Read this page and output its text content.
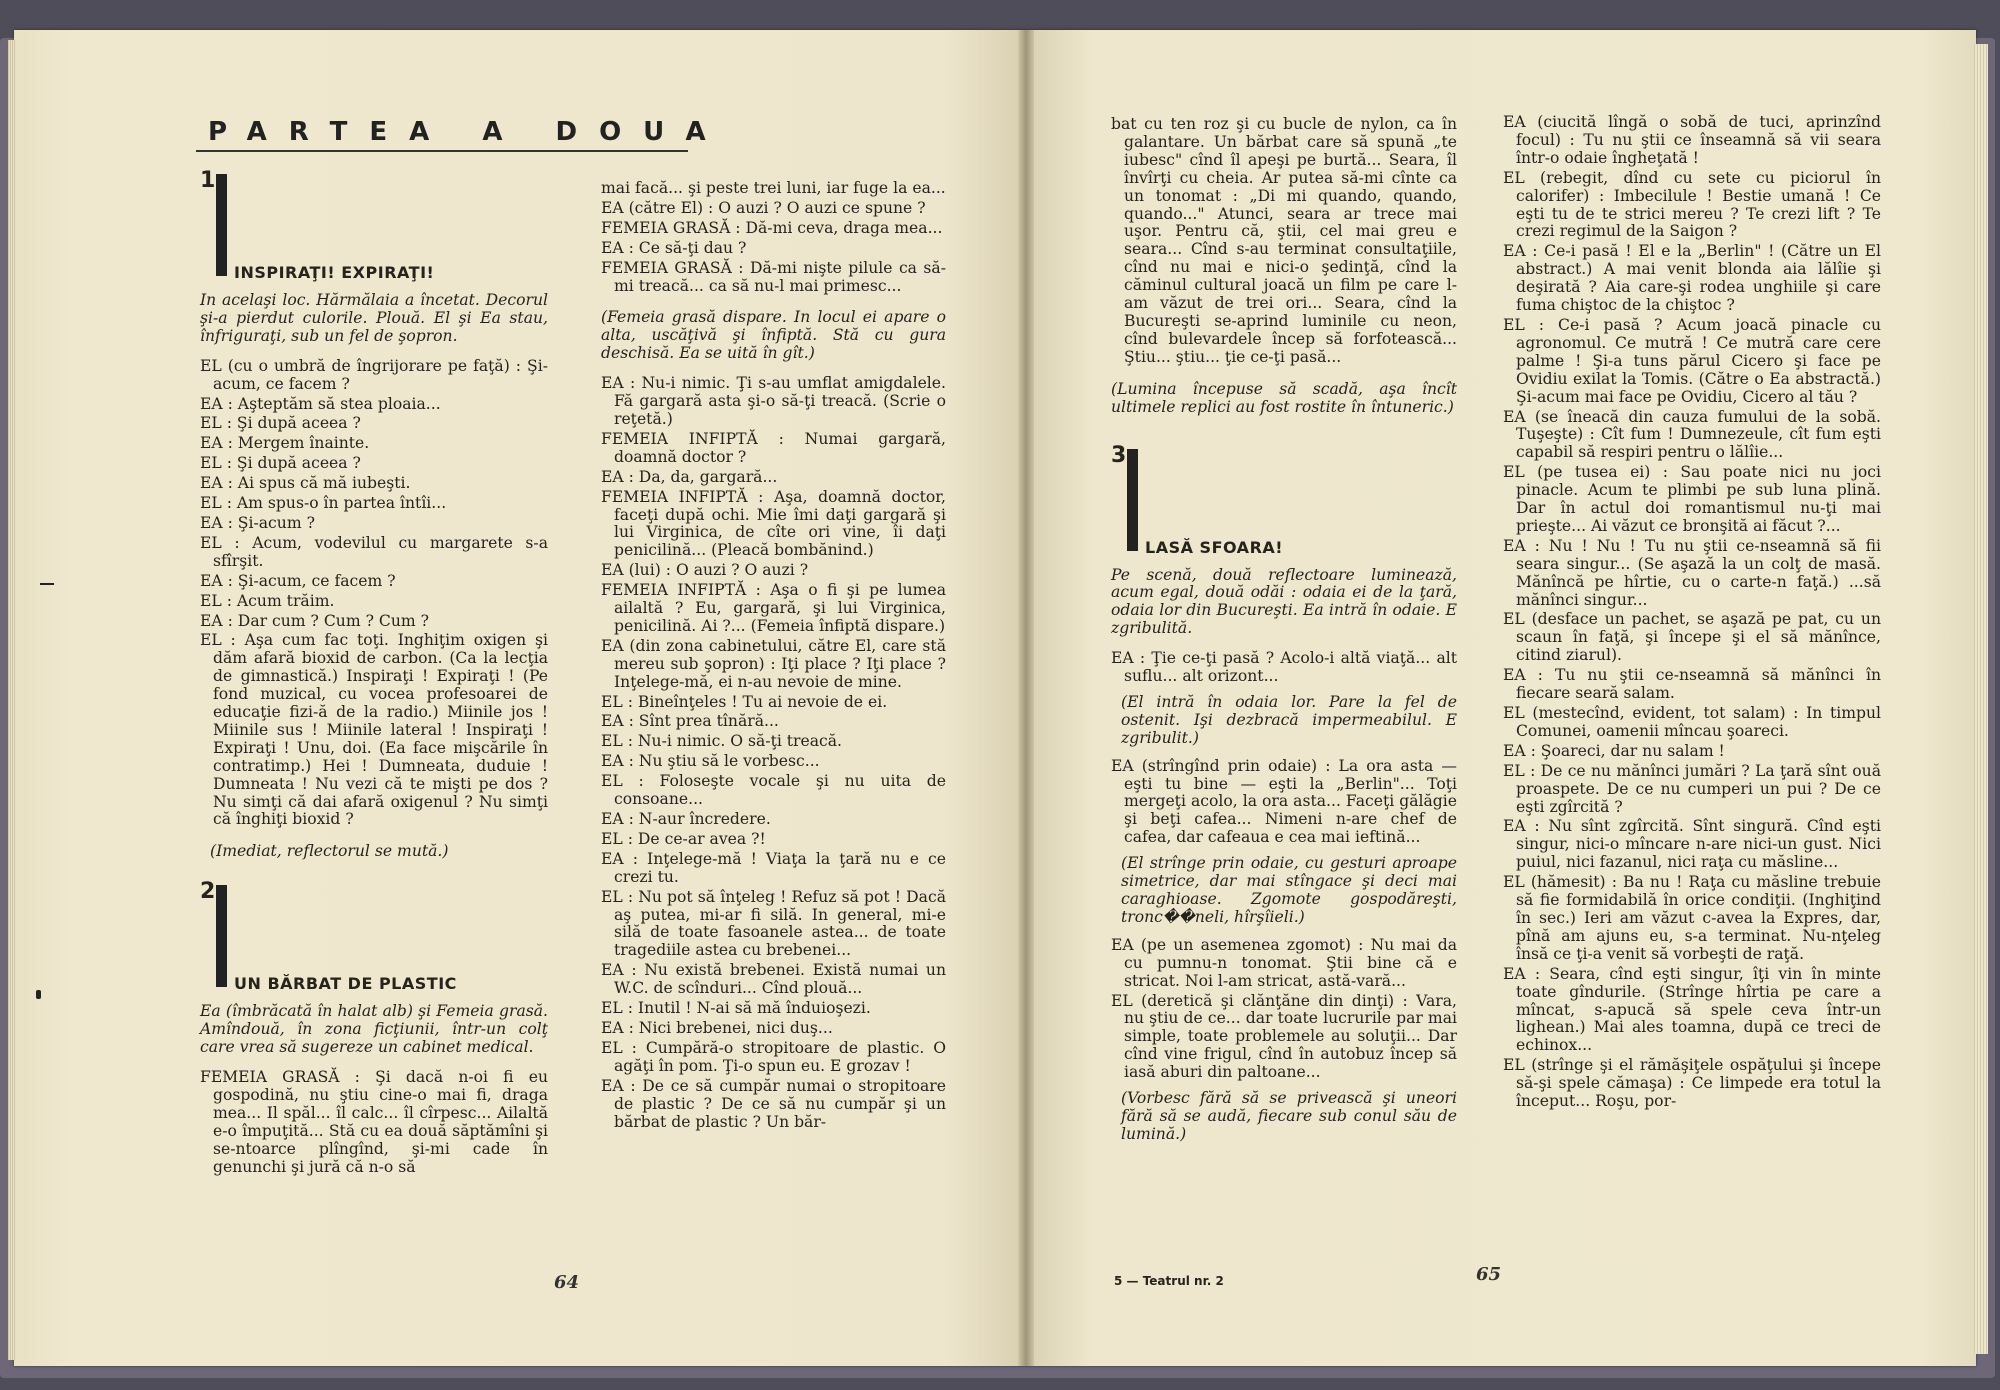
PARTEA A DOUA
1
INSPIRAŢI! EXPIRAŢI!

In acelaşi loc. Hărmălaia a încetat. Decorul şi-a pierdut culorile. Plouă. El şi Ea stau, înfriguraţi, sub un fel de şopron.

EL (cu o umbră de îngrijorare pe faţă) : Şi-acum, ce facem ?

EA : Aşteptăm să stea ploaia...

EL : Şi după aceea ?

EA : Mergem înainte.

EL : Şi după aceea ?

EA : Ai spus că mă iubeşti.

EL : Am spus-o în partea întîi...

EA : Şi-acum ?

EL : Acum, vodevilul cu margarete s-a sfîrşit.

EA : Şi-acum, ce facem ?

EL : Acum trăim.

EA : Dar cum ? Cum ? Cum ?

EL : Aşa cum fac toţi. Inghiţim oxigen şi dăm afară bioxid de carbon. (Ca la lecţia de gimnastică.) Inspiraţi ! Expiraţi ! (Pe fond muzical, cu vocea profesoarei de educaţie fizi-ă de la radio.) Miinile jos ! Miinile sus ! Miinile lateral ! Inspiraţi ! Expiraţi ! Unu, doi. (Ea face mişcările în contratimp.) Hei ! Dumneata, duduie ! Dumneata ! Nu vezi că te mişti pe dos ? Nu simţi că dai afară oxigenul ? Nu simţi că înghiţi bioxid ?

(Imediat, reflectorul se mută.)

2
UN BĂRBAT DE PLASTIC

Ea (îmbrăcată în halat alb) şi Femeia grasă. Amîndouă, în zona ficţiunii, într-un colţ care vrea să sugereze un cabinet medical.

FEMEIA GRASĂ : Şi dacă n-oi fi eu gospodină, nu ştiu cine-o mai fi, draga mea... Il spăl... îl calc... îl cîrpesc... Ailaltă e-o împuţită... Stă cu ea două săptămîni şi se-ntoarce plîngînd, şi-mi cade în genunchi şi jură că n-o să

mai facă... şi peste trei luni, iar fuge la ea...

EA (către El) : O auzi ? O auzi ce spune ?

FEMEIA GRASĂ : Dă-mi ceva, draga mea...

EA : Ce să-ţi dau ?

FEMEIA GRASĂ : Dă-mi nişte pilule ca să-mi treacă... ca să nu-l mai primesc...

(Femeia grasă dispare. In locul ei apare o alta, uscăţivă şi înfiptă. Stă cu gura deschisă. Ea se uită în gît.)

EA : Nu-i nimic. Ţi s-au umflat amigdalele. Fă gargară asta şi-o să-ţi treacă. (Scrie o reţetă.)

FEMEIA INFIPTĂ : Numai gargară, doamnă doctor ?

EA : Da, da, gargară...

FEMEIA INFIPTĂ : Aşa, doamnă doctor, faceţi după ochi. Mie îmi daţi gargară şi lui Virginica, de cîte ori vine, îi daţi penicilină... (Pleacă bombănind.)

EA (lui) : O auzi ? O auzi ?

FEMEIA INFIPTĂ : Aşa o fi şi pe lumea ailaltă ? Eu, gargară, şi lui Virginica, penicilină. Ai ?... (Femeia înfiptă dispare.)

EA (din zona cabinetului, către El, care stă mereu sub şopron) : Iţi place ? Iţi place ? Inţelege-mă, ei n-au nevoie de mine.

EL : Bineînţeles ! Tu ai nevoie de ei.

EA : Sînt prea tînără...

EL : Nu-i nimic. O să-ţi treacă.

EA : Nu ştiu să le vorbesc...

EL : Foloseşte vocale şi nu uita de consoane...

EA : N-aur încredere.

EL : De ce-ar avea ?!

EA : Inţelege-mă ! Viaţa la ţară nu e ce crezi tu.

EL : Nu pot să înţeleg ! Refuz să pot ! Dacă aş putea, mi-ar fi silă. In general, mi-e silă de toate fasoanele astea... de toate tragediile astea cu brebenei...

EA : Nu există brebenei. Există numai un W.C. de scînduri... Cînd plouă...

EL : Inutil ! N-ai să mă înduioşezi.

EA : Nici brebenei, nici duş...

EL : Cumpără-o stropitoare de plastic. O agăţi în pom. Ţi-o spun eu. E grozav !

EA : De ce să cumpăr numai o stropitoare de plastic ? De ce să nu cumpăr şi un bărbat de plastic ? Un băr-

64

bat cu ten roz şi cu bucle de nylon, ca în galantare. Un bărbat care să spună „te iubesc" cînd îl apeşi pe burtă... Seara, îl învîrţi cu cheia. Ar putea să-mi cînte ca un tonomat : „Di mi quando, quando, quando..." Atunci, seara ar trece mai uşor. Pentru că, ştii, cel mai greu e seara... Cînd s-au terminat consultaţiile, cînd nu mai e nici-o şedinţă, cînd la căminul cultural joacă un film pe care l-am văzut de trei ori... Seara, cînd la Bucureşti se-aprind luminile cu neon, cînd bulevardele încep să forfotească... Ştiu... ştiu... ţie ce-ţi pasă...

(Lumina începuse să scadă, aşa încît ultimele replici au fost rostite în întuneric.)

3
LASĂ SFOARA!

Pe scenă, două reflectoare luminează, acum egal, două odăi : odaia ei de la ţară, odaia lor din Bucureşti. Ea intră în odaie. E zgribulită.

EA : Ţie ce-ţi pasă ? Acolo-i altă viaţă... alt suflu... alt orizont...

(El intră în odaia lor. Pare la fel de ostenit. Işi dezbracă impermeabilul. E zgribulit.)

EA (strîngînd prin odaie) : La ora asta — eşti tu bine — eşti la „Berlin"... Toţi mergeţi acolo, la ora asta... Faceţi gălăgie şi beţi cafea... Nimeni n-are chef de cafea, dar cafeaua e cea mai ieftină...

(El strînge prin odaie, cu gesturi aproape simetrice, dar mai stîngace şi deci mai caraghioase. Zgomote gospodăreşti, tronc��neli, hîrşîieli.)

EA (pe un asemenea zgomot) : Nu mai da cu pumnu-n tonomat. Ştii bine că e stricat. Noi l-am stricat, astă-vară...

EL (deretică şi clănţăne din dinţi) : Vara, nu ştiu de ce... dar toate lucrurile par mai simple, toate problemele au soluţii... Dar cînd vine frigul, cînd în autobuz încep să iasă aburi din paltoane...

(Vorbesc fără să se privească şi uneori fără să se audă, fiecare sub conul său de lumină.)

EA (ciucită lîngă o sobă de tuci, aprinzînd focul) : Tu nu ştii ce înseamnă să vii seara într-o odaie îngheţată !

EL (rebegit, dînd cu sete cu piciorul în calorifer) : Imbecilule ! Bestie umană ! Ce eşti tu de te strici mereu ? Te crezi lift ? Te crezi regimul de la Saigon ?

EA : Ce-i pasă ! El e la „Berlin" ! (Către un El abstract.) A mai venit blonda aia lălîie şi deşirată ? Aia care-şi rodea unghiile şi care fuma chiştoc de la chiştoc ?

EL : Ce-i pasă ? Acum joacă pinacle cu agronomul. Ce mutră ! Ce mutră care cere palme ! Şi-a tuns părul Cicero şi face pe Ovidiu exilat la Tomis. (Către o Ea abstractă.) Şi-acum mai face pe Ovidiu, Cicero al tău ?

EA (se îneacă din cauza fumului de la sobă. Tuşeşte) : Cît fum ! Dumnezeule, cît fum eşti capabil să respiri pentru o lălîie...

EL (pe tusea ei) : Sau poate nici nu joci pinacle. Acum te plimbi pe sub luna plină. Dar în actul doi romantismul nu-ţi mai prieşte... Ai văzut ce bronşită ai făcut ?...

EA : Nu ! Nu ! Tu nu ştii ce-nseamnă să fii seara singur... (Se aşază la un colţ de masă. Mănîncă pe hîrtie, cu o carte-n faţă.) ...să mănînci singur...

EL (desface un pachet, se aşază pe pat, cu un scaun în faţă, şi începe şi el să mănînce, citind ziarul).

EA : Tu nu ştii ce-nseamnă să mănînci în fiecare seară salam.

EL (mestecînd, evident, tot salam) : In timpul Comunei, oamenii mîncau şoareci.

EA : Şoareci, dar nu salam !

EL : De ce nu mănînci jumări ? La ţară sînt ouă proaspete. De ce nu cumperi un pui ? De ce eşti zgîrcită ?

EA : Nu sînt zgîrcită. Sînt singură. Cînd eşti singur, nici-o mîncare n-are nici-un gust. Nici puiul, nici fazanul, nici raţa cu măsline...

EL (hămesit) : Ba nu ! Raţa cu măsline trebuie să fie formidabilă în orice condiţii. (Inghiţind în sec.) Ieri am văzut c-avea la Expres, dar, pînă am ajuns eu, s-a terminat. Nu-nţeleg însă ce ţi-a venit să vorbeşti de raţă.

EA : Seara, cînd eşti singur, îţi vin în minte toate gîndurile. (Strînge hîrtia pe care a mîncat, s-apucă să spele ceva într-un lighean.) Mai ales toamna, după ce treci de echinox...

EL (strînge şi el rămăşiţele ospăţului şi începe să-şi spele cămaşa) : Ce limpede era totul la început... Roşu, por-

5 — Teatrul nr. 2	65
